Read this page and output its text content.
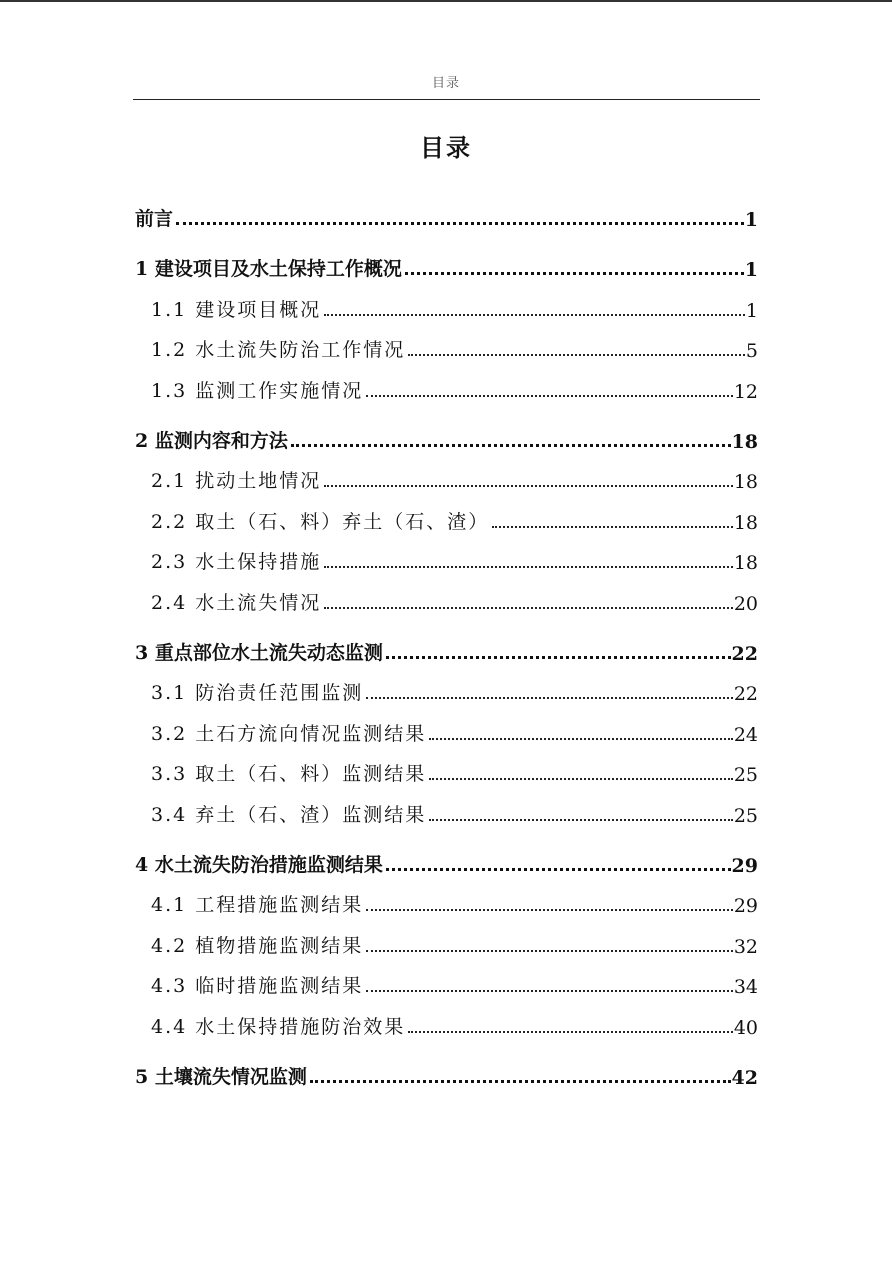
目录
目录
前言	1
1 建设项目及水土保持工作概况	1
1.1 建设项目概况	1
1.2 水土流失防治工作情况	5
1.3 监测工作实施情况	12
2 监测内容和方法	18
2.1 扰动土地情况	18
2.2 取土（石、料）弃土（石、渣）	18
2.3 水土保持措施	18
2.4 水土流失情况	20
3 重点部位水土流失动态监测	22
3.1 防治责任范围监测	22
3.2 土石方流向情况监测结果	24
3.3 取土（石、料）监测结果	25
3.4 弃土（石、渣）监测结果	25
4 水土流失防治措施监测结果	29
4.1 工程措施监测结果	29
4.2 植物措施监测结果	32
4.3 临时措施监测结果	34
4.4 水土保持措施防治效果	40
5 土壤流失情况监测	42
